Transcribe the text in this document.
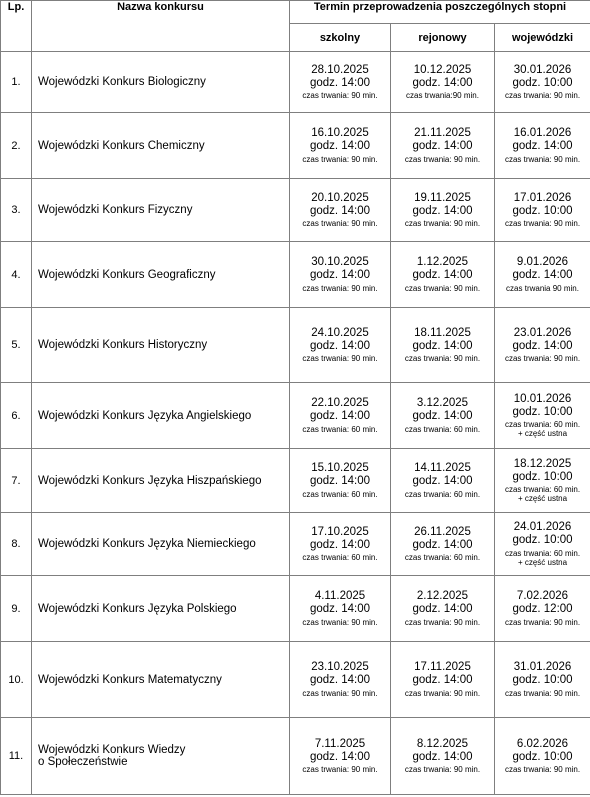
Lp.	Nazwa konkursu	Termin przeprowadzenia poszczególnych stopni		
		szkolny	rejonowy	wojewódzki
1.	Wojewódzki Konkurs Biologiczny	28.10.2025
godz. 14:00
czas trwania: 90 min.	10.12.2025
godz. 14:00
czas trwania:90 min.	30.01.2026
godz. 10:00
czas trwania: 90 min.

2.	Wojewódzki Konkurs Chemiczny	16.10.2025
godz. 14:00
czas trwania: 90 min.	21.11.2025
godz. 14:00
czas trwania: 90 min.	16.01.2026
godz. 14:00
czas trwania: 90 min.

3.	Wojewódzki Konkurs Fizyczny	20.10.2025
godz. 14:00
czas trwania: 90 min.	19.11.2025
godz. 14:00
czas trwania: 90 min.	17.01.2026
godz. 10:00
czas trwania: 90 min.

4.	Wojewódzki Konkurs Geograficzny	30.10.2025
godz. 14:00
czas trwania: 90 min.	1.12.2025
godz. 14:00
czas trwania: 90 min.	9.01.2026
godz. 14:00
czas trwania 90 min.

5.	Wojewódzki Konkurs Historyczny	24.10.2025
godz. 14:00
czas trwania: 90 min.	18.11.2025
godz. 14:00
czas trwania: 90 min.	23.01.2026
godz. 14:00
czas trwania: 90 min.

6.	Wojewódzki Konkurs Języka Angielskiego	22.10.2025
godz. 14:00
czas trwania: 60 min.	3.12.2025
godz. 14:00
czas trwania: 60 min.	10.01.2026
godz. 10:00
czas trwania: 60 min.
+ część ustna

7.	Wojewódzki Konkurs Języka Hiszpańskiego	15.10.2025
godz. 14:00
czas trwania: 60 min.	14.11.2025
godz. 14:00
czas trwania: 60 min.	18.12.2025
godz. 10:00
czas trwania: 60 min.
+ część ustna

8.	Wojewódzki Konkurs Języka Niemieckiego	17.10.2025
godz. 14:00
czas trwania: 60 min.	26.11.2025
godz. 14:00
czas trwania: 60 min.	24.01.2026
godz. 10:00
czas trwania: 60 min.
+ część ustna

9.	Wojewódzki Konkurs Języka Polskiego	4.11.2025
godz. 14:00
czas trwania: 90 min.	2.12.2025
godz. 14:00
czas trwania: 90 min.	7.02.2026
godz. 12:00
czas trwania: 90 min.

10.	Wojewódzki Konkurs Matematyczny	23.10.2025
godz. 14:00
czas trwania: 90 min.	17.11.2025
godz. 14:00
czas trwania: 90 min.	31.01.2026
godz. 10:00
czas trwania: 90 min.

11.	Wojewódzki Konkurs Wiedzy
o Społeczeństwie	7.11.2025
godz. 14:00
czas trwania: 90 min.	8.12.2025
godz. 14:00
czas trwania: 90 min.	6.02.2026
godz. 10:00
czas trwania: 90 min.
